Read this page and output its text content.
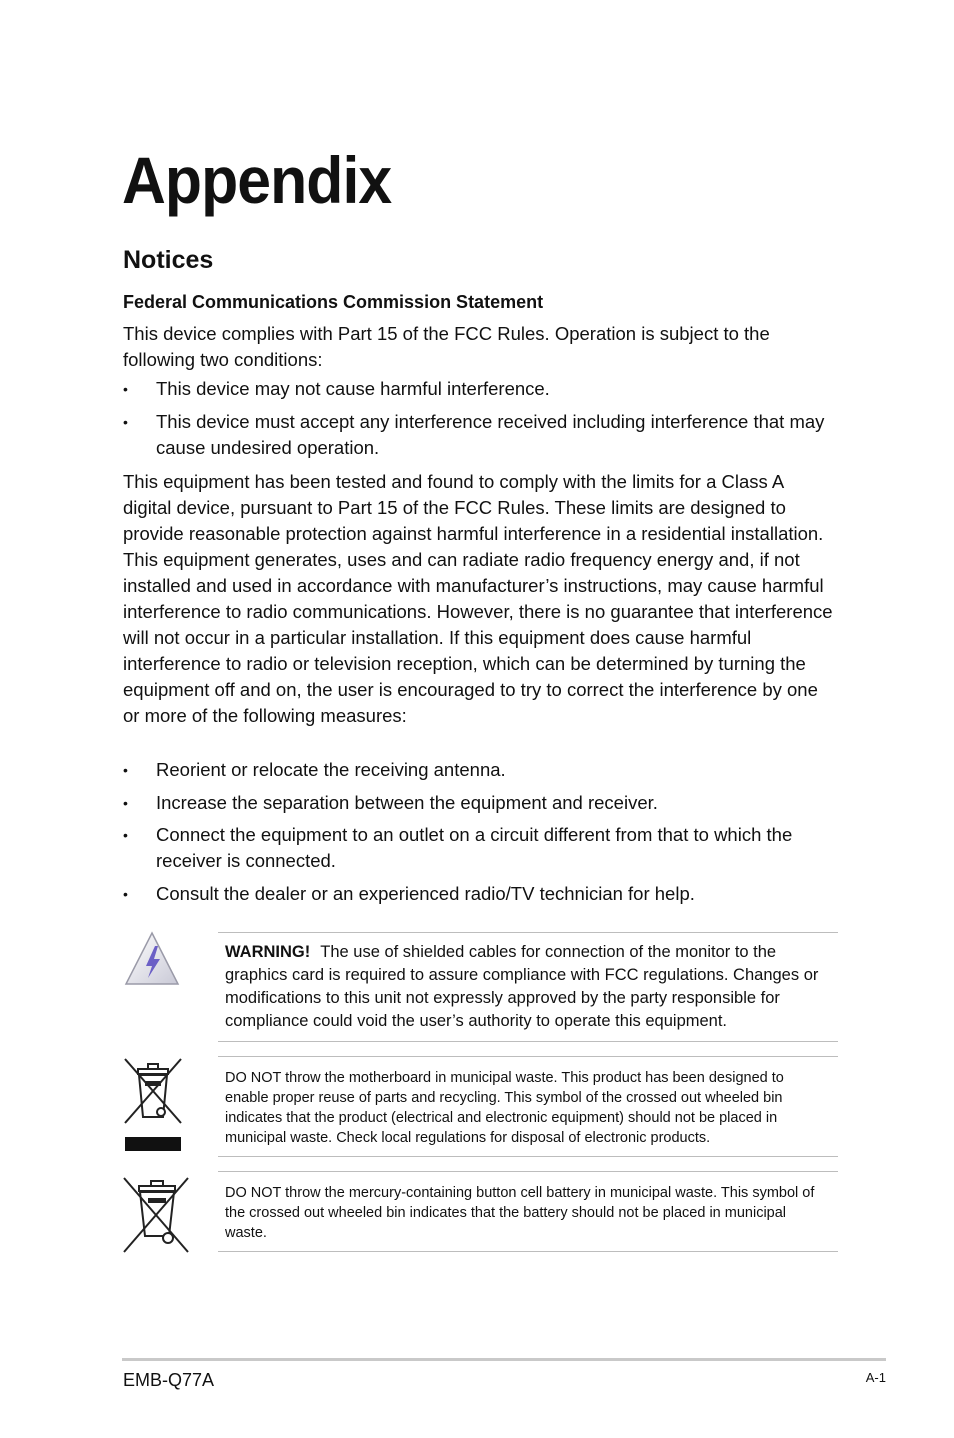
Appendix
Notices
Federal Communications Commission Statement

This device complies with Part 15 of the FCC Rules. Operation is subject to the following two conditions:

• This device may not cause harmful interference.
• This device must accept any interference received including interference that may cause undesired operation.

This equipment has been tested and found to comply with the limits for a Class A digital device, pursuant to Part 15 of the FCC Rules. These limits are designed to provide reasonable protection against harmful interference in a residential installation. This equipment generates, uses and can radiate radio frequency energy and, if not installed and used in accordance with manufacturer’s instructions, may cause harmful interference to radio communications. However, there is no guarantee that interference will not occur in a particular installation. If this equipment does cause harmful interference to radio or television reception, which can be determined by turning the equipment off and on, the user is encouraged to try to correct the interference by one or more of the following measures:

• Reorient or relocate the receiving antenna.
• Increase the separation between the equipment and receiver.
• Connect the equipment to an outlet on a circuit different from that to which the receiver is connected.
• Consult the dealer or an experienced radio/TV technician for help.
WARNING! The use of shielded cables for connection of the monitor to the graphics card is required to assure compliance with FCC regulations. Changes or modifications to this unit not expressly approved by the party responsible for compliance could void the user’s authority to operate this equipment.
DO NOT throw the motherboard in municipal waste. This product has been designed to enable proper reuse of parts and recycling. This symbol of the crossed out wheeled bin indicates that the product (electrical and electronic equipment) should not be placed in municipal waste. Check local regulations for disposal of electronic products.
DO NOT throw the mercury-containing button cell battery in municipal waste. This symbol of the crossed out wheeled bin indicates that the battery should not be placed in municipal waste.
EMB-Q77A	A-1
